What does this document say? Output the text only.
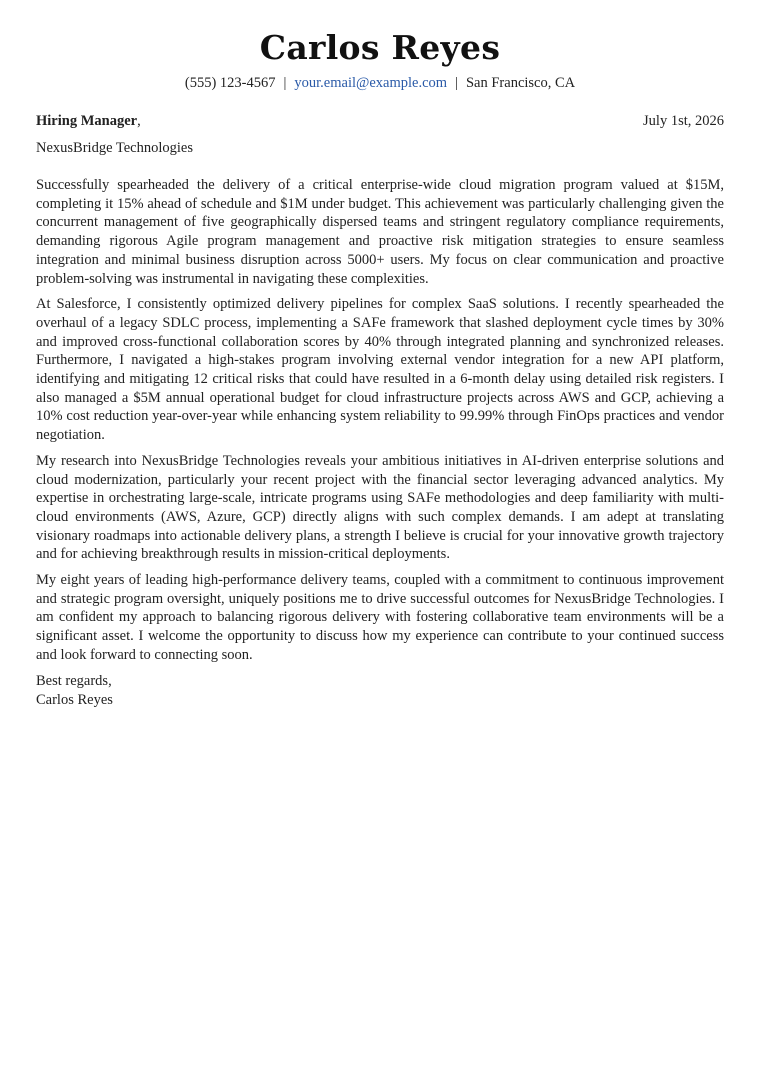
Carlos Reyes
(555) 123-4567 | your.email@example.com | San Francisco, CA
Hiring Manager,	July 1st, 2026
NexusBridge Technologies

Successfully spearheaded the delivery of a critical enterprise-wide cloud migration program valued at $15M, completing it 15% ahead of schedule and $1M under budget. This achievement was particularly challenging given the concurrent management of five geographically dispersed teams and stringent regulatory compliance requirements, demanding rigorous Agile program management and proactive risk mitigation strategies to ensure seamless integration and minimal business disruption across 5000+ users. My focus on clear communication and proactive problem-solving was instrumental in navigating these complexities.

At Salesforce, I consistently optimized delivery pipelines for complex SaaS solutions. I recently spearheaded the overhaul of a legacy SDLC process, implementing a SAFe framework that slashed deployment cycle times by 30% and improved cross-functional collaboration scores by 40% through integrated planning and synchronized releases. Furthermore, I navigated a high-stakes program involving external vendor integration for a new API platform, identifying and mitigating 12 critical risks that could have resulted in a 6-month delay using detailed risk registers. I also managed a $5M annual operational budget for cloud infrastructure projects across AWS and GCP, achieving a 10% cost reduction year-over-year while enhancing system reliability to 99.99% through FinOps practices and vendor negotiation.

My research into NexusBridge Technologies reveals your ambitious initiatives in AI-driven enterprise solutions and cloud modernization, particularly your recent project with the financial sector leveraging advanced analytics. My expertise in orchestrating large-scale, intricate programs using SAFe methodologies and deep familiarity with multi-cloud environments (AWS, Azure, GCP) directly aligns with such complex demands. I am adept at translating visionary roadmaps into actionable delivery plans, a strength I believe is crucial for your innovative growth trajectory and for achieving breakthrough results in mission-critical deployments.

My eight years of leading high-performance delivery teams, coupled with a commitment to continuous improvement and strategic program oversight, uniquely positions me to drive successful outcomes for NexusBridge Technologies. I am confident my approach to balancing rigorous delivery with fostering collaborative team environments will be a significant asset. I welcome the opportunity to discuss how my experience can contribute to your continued success and look forward to connecting soon.

Best regards,
Carlos Reyes
